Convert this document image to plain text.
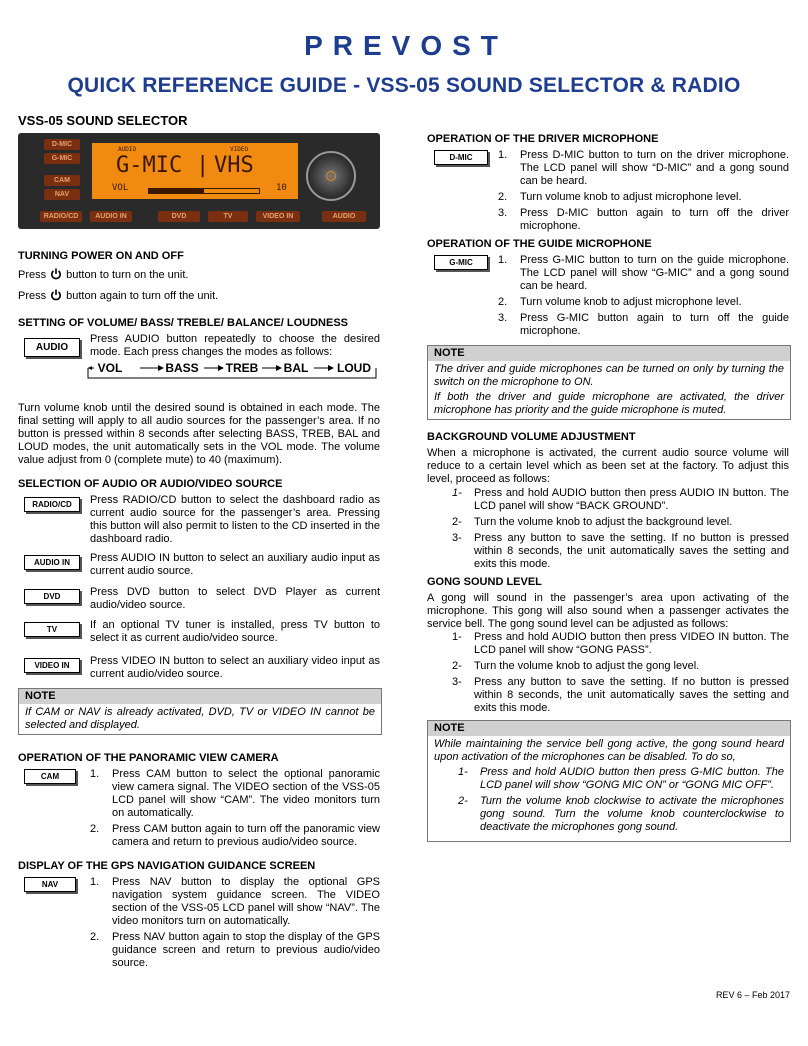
PREVOST
QUICK REFERENCE GUIDE - VSS-05 SOUND SELECTOR & RADIO
VSS-05 SOUND SELECTOR
D-MIC
G-MIC
CAM
NAV
AUDIO	VIDEO
G-MIC | VHS
VOL	10
RADIO/CD	AUDIO IN	DVD	TV	VIDEO IN	AUDIO
TURNING POWER ON AND OFF
Press button to turn on the unit.
Press button again to turn off the unit.
SETTING OF VOLUME/ BASS/ TREBLE/ BALANCE/ LOUDNESS
AUDIO
Press AUDIO button repeatedly to choose the desired mode. Each press changes the modes as follows:
VOL	BASS TREB BAL LOUD
Turn volume knob until the desired sound is obtained in each mode. The final setting will apply to all audio sources for the passenger’s area. If no button is pressed within 8 seconds after selecting BASS, TREB, BAL and LOUD modes, the unit automatically sets in the VOL mode. The volume value adjust from 0 (complete mute) to 40 (maximum).
SELECTION OF AUDIO OR AUDIO/VIDEO SOURCE
RADIO/CD	Press RADIO/CD button to select the dashboard radio as current audio source for the passenger’s area. Pressing this button will also permit to listen to the CD inserted in the dashboard radio.
AUDIO IN	Press AUDIO IN button to select an auxiliary audio input as current audio source.
DVD	Press DVD button to select DVD Player as current audio/video source.
TV	If an optional TV tuner is installed, press TV button to select it as current audio/video source.
VIDEO IN	Press VIDEO IN button to select an auxiliary video input as current audio/video source.
NOTE
If CAM or NAV is already activated, DVD, TV or VIDEO IN cannot be selected and displayed.
OPERATION OF THE PANORAMIC VIEW CAMERA
CAM	1.	Press CAM button to select the optional panoramic view camera signal. The VIDEO section of the VSS-05 LCD panel will show “CAM”. The video monitors turn on automatically.
2.	Press CAM button again to turn off the panoramic view camera and return to previous audio/video source.
DISPLAY OF THE GPS NAVIGATION GUIDANCE SCREEN
NAV	1.	Press NAV button to display the optional GPS navigation system guidance screen. The VIDEO section of the VSS-05 LCD panel will show “NAV”. The video monitors turn on automatically.
2.	Press NAV button again to stop the display of the GPS guidance screen and return to previous audio/video source.
OPERATION OF THE DRIVER MICROPHONE
D-MIC	1.	Press D-MIC button to turn on the driver microphone. The LCD panel will show “D-MIC” and a gong sound can be heard.
2.	Turn volume knob to adjust microphone level.
3.	Press D-MIC button again to turn off the driver microphone.
OPERATION OF THE GUIDE MICROPHONE
G-MIC	1.	Press G-MIC button to turn on the guide microphone. The LCD panel will show “G-MIC” and a gong sound can be heard.
2.	Turn volume knob to adjust microphone level.
3.	Press G-MIC button again to turn off the guide microphone.
NOTE
The driver and guide microphones can be turned on only by turning the switch on the microphone to ON.
If both the driver and guide microphone are activated, the driver microphone has priority and the guide microphone is muted.
BACKGROUND VOLUME ADJUSTMENT
When a microphone is activated, the current audio source volume will reduce to a certain level which as been set at the factory. To adjust this level, proceed as follows:
1-	Press and hold AUDIO button then press AUDIO IN button. The LCD panel will show “BACK GROUND”.
2-	Turn the volume knob to adjust the background level.
3-	Press any button to save the setting. If no button is pressed within 8 seconds, the unit automatically saves the setting and exits this mode.
GONG SOUND LEVEL
A gong will sound in the passenger’s area upon activating of the microphone. This gong will also sound when a passenger activates the service bell. The gong sound level can be adjusted as follows:
1-	Press and hold AUDIO button then press VIDEO IN button. The LCD panel will show “GONG PASS”.
2-	Turn the volume knob to adjust the gong level.
3-	Press any button to save the setting. If no button is pressed within 8 seconds, the unit automatically saves the setting and exits this mode.
NOTE
While maintaining the service bell gong active, the gong sound heard upon activation of the microphones can be disabled. To do so,
1-	Press and hold AUDIO button then press G-MIC button. The LCD panel will show “GONG MIC ON” or “GONG MIC OFF”.
2-	Turn the volume knob clockwise to activate the microphones gong sound. Turn the volume knob counterclockwise to deactivate the microphones gong sound.
REV 6 – Feb 2017
